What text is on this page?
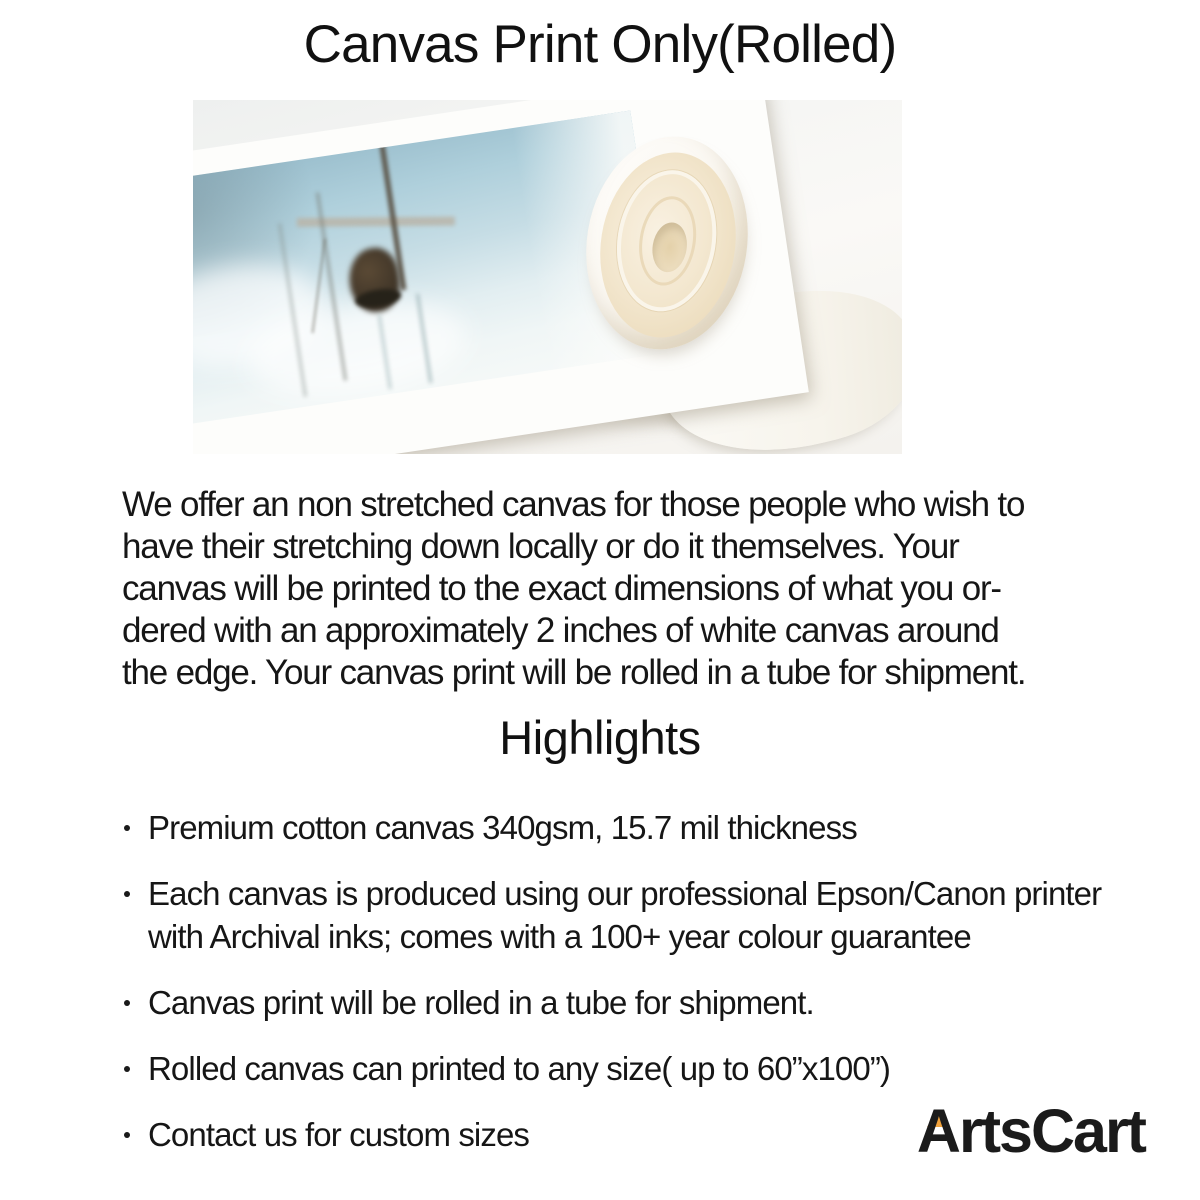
Canvas Print Only(Rolled)
We offer an non stretched canvas for those people who wish to
have their stretching down locally or do it themselves. Your
canvas will be printed to the exact dimensions of what you or-
dered with an approximately 2 inches of white canvas around
the edge. Your canvas print will be rolled in a tube for shipment.
Highlights
Premium cotton canvas 340gsm, 15.7 mil thickness
Each canvas is produced using our professional Epson/Canon printer
with Archival inks; comes with a 100+ year colour guarantee
Canvas print will be rolled in a tube for shipment.
Rolled canvas can printed to any size( up to 60”x100”)
Contact us for custom sizes	ArtsCart
